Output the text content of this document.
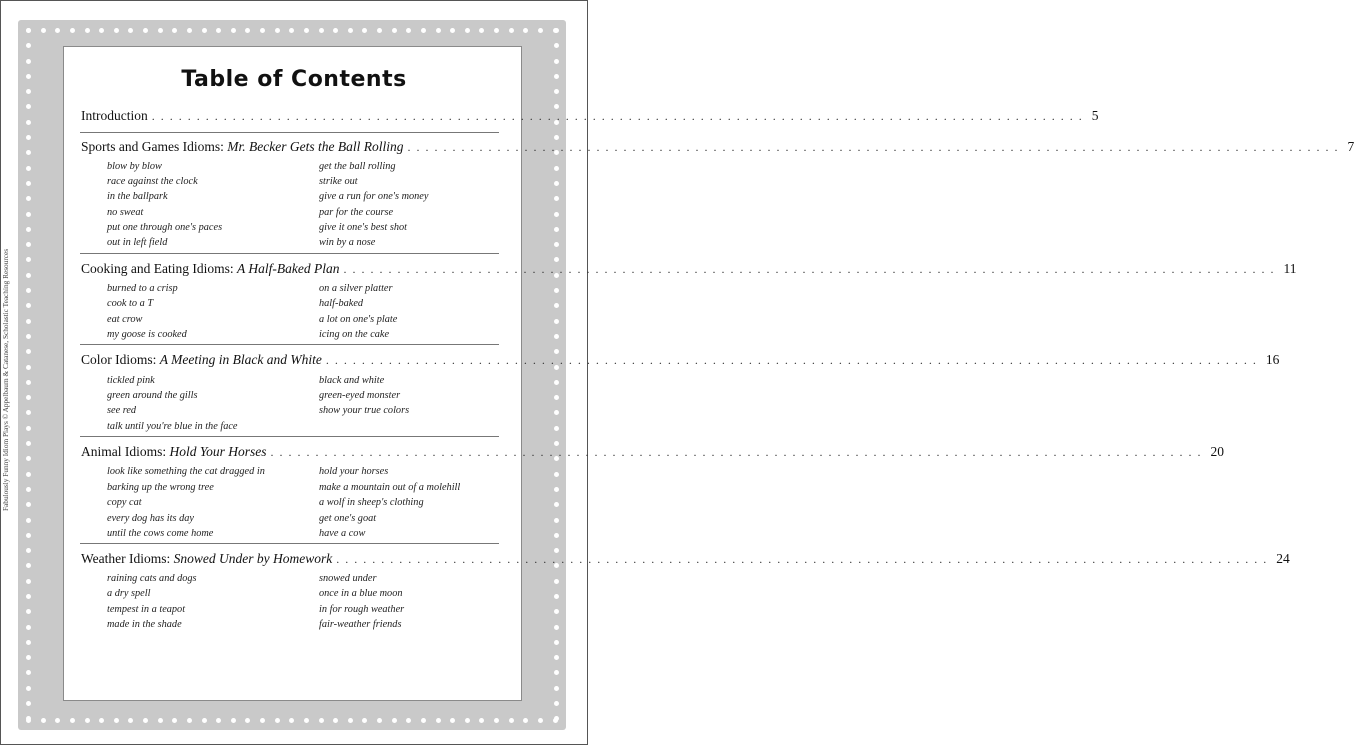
Fabulously Funny Idiom Plays © Appelbaum & Catanese, Scholastic Teaching Resources
Table of Contents
Introduction ........................................................................................................ 5
Sports and Games Idioms: Mr. Becker Gets the Ball Rolling ........................................................................................................ 7
blow by blow
race against the clock
in the ballpark
no sweat
put one through one's paces
out in left field
get the ball rolling
strike out
give a run for one's money
par for the course
give it one's best shot
win by a nose
Cooking and Eating Idioms: A Half-Baked Plan ........................................................................................................ 11
burned to a crisp
cook to a T
eat crow
my goose is cooked
on a silver platter
half-baked
a lot on one's plate
icing on the cake
Color Idioms: A Meeting in Black and White ........................................................................................................ 16
tickled pink
green around the gills
see red
talk until you're blue in the face
black and white
green-eyed monster
show your true colors
Animal Idioms: Hold Your Horses ........................................................................................................ 20
look like something the cat dragged in
barking up the wrong tree
copy cat
every dog has its day
until the cows come home
hold your horses
make a mountain out of a molehill
a wolf in sheep's clothing
get one's goat
have a cow
Weather Idioms: Snowed Under by Homework ........................................................................................................ 24
raining cats and dogs
a dry spell
tempest in a teapot
made in the shade
snowed under
once in a blue moon
in for rough weather
fair-weather friends
